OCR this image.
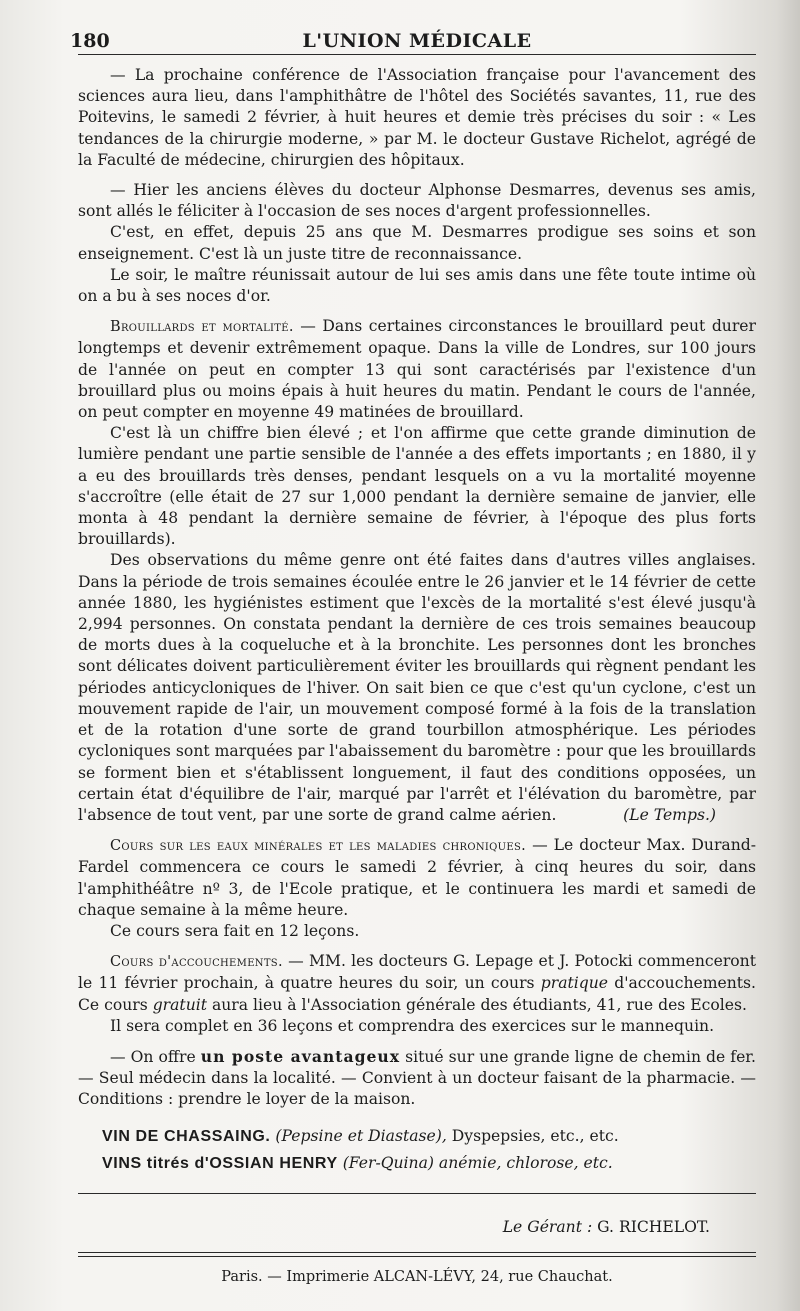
180	L'UNION MÉDICALE

— La prochaine conférence de l'Association française pour l'avancement des sciences aura lieu, dans l'amphithâtre de l'hôtel des Sociétés savantes, 11, rue des Poitevins, le samedi 2 février, à huit heures et demie très précises du soir : « Les tendances de la chirurgie moderne, » par M. le docteur Gustave Richelot, agrégé de la Faculté de médecine, chirurgien des hôpitaux.

— Hier les anciens élèves du docteur Alphonse Desmarres, devenus ses amis, sont allés le féliciter à l'occasion de ses noces d'argent professionnelles.

C'est, en effet, depuis 25 ans que M. Desmarres prodigue ses soins et son enseignement. C'est là un juste titre de reconnaissance.

Le soir, le maître réunissait autour de lui ses amis dans une fête toute intime où on a bu à ses noces d'or.

Brouillards et mortalité. — Dans certaines circonstances le brouillard peut durer longtemps et devenir extrêmement opaque. Dans la ville de Londres, sur 100 jours de l'année on peut en compter 13 qui sont caractérisés par l'existence d'un brouillard plus ou moins épais à huit heures du matin. Pendant le cours de l'année, on peut compter en moyenne 49 matinées de brouillard.

C'est là un chiffre bien élevé ; et l'on affirme que cette grande diminution de lumière pendant une partie sensible de l'année a des effets importants ; en 1880, il y a eu des brouillards très denses, pendant lesquels on a vu la mortalité moyenne s'accroître (elle était de 27 sur 1,000 pendant la dernière semaine de janvier, elle monta à 48 pendant la dernière semaine de février, à l'époque des plus forts brouillards).

Des observations du même genre ont été faites dans d'autres villes anglaises. Dans la période de trois semaines écoulée entre le 26 janvier et le 14 février de cette année 1880, les hygiénistes estiment que l'excès de la mortalité s'est élevé jusqu'à 2,994 personnes. On constata pendant la dernière de ces trois semaines beaucoup de morts dues à la coqueluche et à la bronchite. Les personnes dont les bronches sont délicates doivent particulièrement éviter les brouillards qui règnent pendant les périodes anticycloniques de l'hiver. On sait bien ce que c'est qu'un cyclone, c'est un mouvement rapide de l'air, un mouvement composé formé à la fois de la translation et de la rotation d'une sorte de grand tourbillon atmosphérique. Les périodes cycloniques sont marquées par l'abaissement du baromètre : pour que les brouillards se forment bien et s'établissent longuement, il faut des conditions opposées, un certain état d'équilibre de l'air, marqué par l'arrêt et l'élévation du baromètre, par l'absence de tout vent, par une sorte de grand calme aérien.	(Le Temps.)

Cours sur les eaux minérales et les maladies chroniques. — Le docteur Max. Durand-Fardel commencera ce cours le samedi 2 février, à cinq heures du soir, dans l'amphithéâtre nº 3, de l'Ecole pratique, et le continuera les mardi et samedi de chaque semaine à la même heure.

Ce cours sera fait en 12 leçons.

Cours d'accouchements. — MM. les docteurs G. Lepage et J. Potocki commenceront le 11 février prochain, à quatre heures du soir, un cours pratique d'accouchements. Ce cours gratuit aura lieu à l'Association générale des étudiants, 41, rue des Ecoles.

Il sera complet en 36 leçons et comprendra des exercices sur le mannequin.

— On offre un poste avantageux situé sur une grande ligne de chemin de fer. — Seul médecin dans la localité. — Convient à un docteur faisant de la pharmacie. — Conditions : prendre le loyer de la maison.

VIN DE CHASSAING. (Pepsine et Diastase), Dyspepsies, etc., etc.
VINS titrés d'OSSIAN HENRY (Fer-Quina) anémie, chlorose, etc.
Le Gérant : G. RICHELOT.
Paris. — Imprimerie ALCAN-LÉVY, 24, rue Chauchat.
